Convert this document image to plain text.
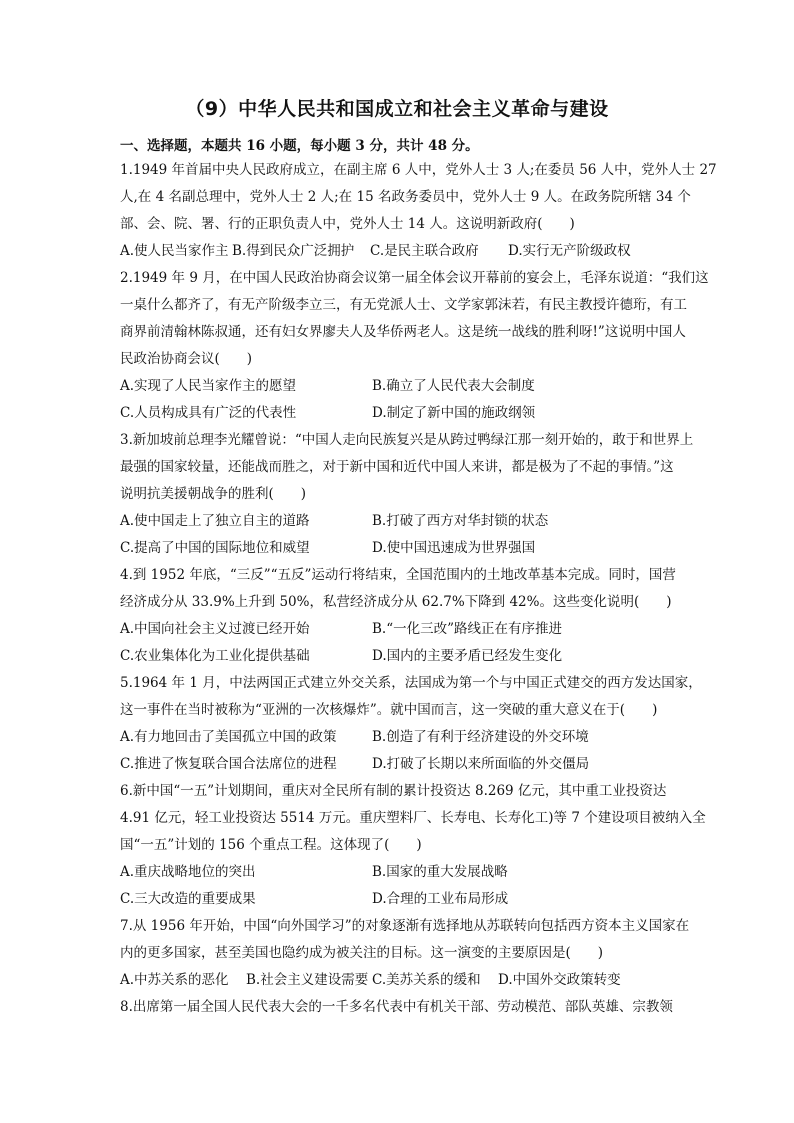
（9）中华人民共和国成立和社会主义革命与建设
一、选择题，本题共 16 小题，每小题 3 分，共计 48 分。
1.1949 年首届中央人民政府成立，在副主席 6 人中，党外人士 3 人;在委员 56 人中，党外人士 27
人,在 4 名副总理中，党外人士 2 人;在 15 名政务委员中，党外人士 9 人。在政务院所辖 34 个
部、会、院、署、行的正职负责人中，党外人士 14 人。这说明新政府(　　)
A.使人民当家作主 B.得到民众广泛拥护 C.是民主联合政府 D.实行无产阶级政权
2.1949 年 9 月，在中国人民政治协商会议第一届全体会议开幕前的宴会上，毛泽东说道：“我们这
一桌什么都齐了，有无产阶级李立三，有无党派人士、文学家郭沫若，有民主教授许德珩，有工
商界前清翰林陈叔通，还有妇女界廖夫人及华侨两老人。这是统一战线的胜利呀!”这说明中国人
民政治协商会议(　　)
A.实现了人民当家作主的愿望	B.确立了人民代表大会制度
C.人员构成具有广泛的代表性	D.制定了新中国的施政纲领
3.新加坡前总理李光耀曾说：“中国人走向民族复兴是从跨过鸭绿江那一刻开始的，敢于和世界上
最强的国家较量，还能战而胜之，对于新中国和近代中国人来讲，都是极为了不起的事情。”这
说明抗美援朝战争的胜利(　　)
A.使中国走上了独立自主的道路	B.打破了西方对华封锁的状态
C.提高了中国的国际地位和威望	D.使中国迅速成为世界强国
4.到 1952 年底，“三反”“五反”运动行将结束，全国范围内的土地改革基本完成。同时，国营
经济成分从 33.9%上升到 50%，私营经济成分从 62.7%下降到 42%。这些变化说明(　　)
A.中国向社会主义过渡已经开始	B.“一化三改”路线正在有序推进
C.农业集体化为工业化提供基础	D.国内的主要矛盾已经发生变化
5.1964 年 1 月，中法两国正式建立外交关系，法国成为第一个与中国正式建交的西方发达国家，
这一事件在当时被称为“亚洲的一次核爆炸”。就中国而言，这一突破的重大意义在于(　　)
A.有力地回击了美国孤立中国的政策	B.创造了有利于经济建设的外交环境
C.推进了恢复联合国合法席位的进程	D.打破了长期以来所面临的外交僵局
6.新中国“一五”计划期间，重庆对全民所有制的累计投资达 8.269 亿元，其中重工业投资达
4.91 亿元，轻工业投资达 5514 万元。重庆塑料厂、长寿电、长寿化工)等 7 个建设项目被纳入全
国“一五”计划的 156 个重点工程。这体现了(　　)
A.重庆战略地位的突出	B.国家的重大发展战略
C.三大改造的重要成果	D.合理的工业布局形成
7.从 1956 年开始，中国“向外国学习”的对象逐渐有选择地从苏联转向包括西方资本主义国家在
内的更多国家，甚至美国也隐约成为被关注的目标。这一演变的主要原因是(　　)
A.中苏关系的恶化 B.社会主义建设需要 C.美苏关系的缓和 D.中国外交政策转变
8.出席第一届全国人民代表大会的一千多名代表中有机关干部、劳动模范、部队英雄、宗教领
